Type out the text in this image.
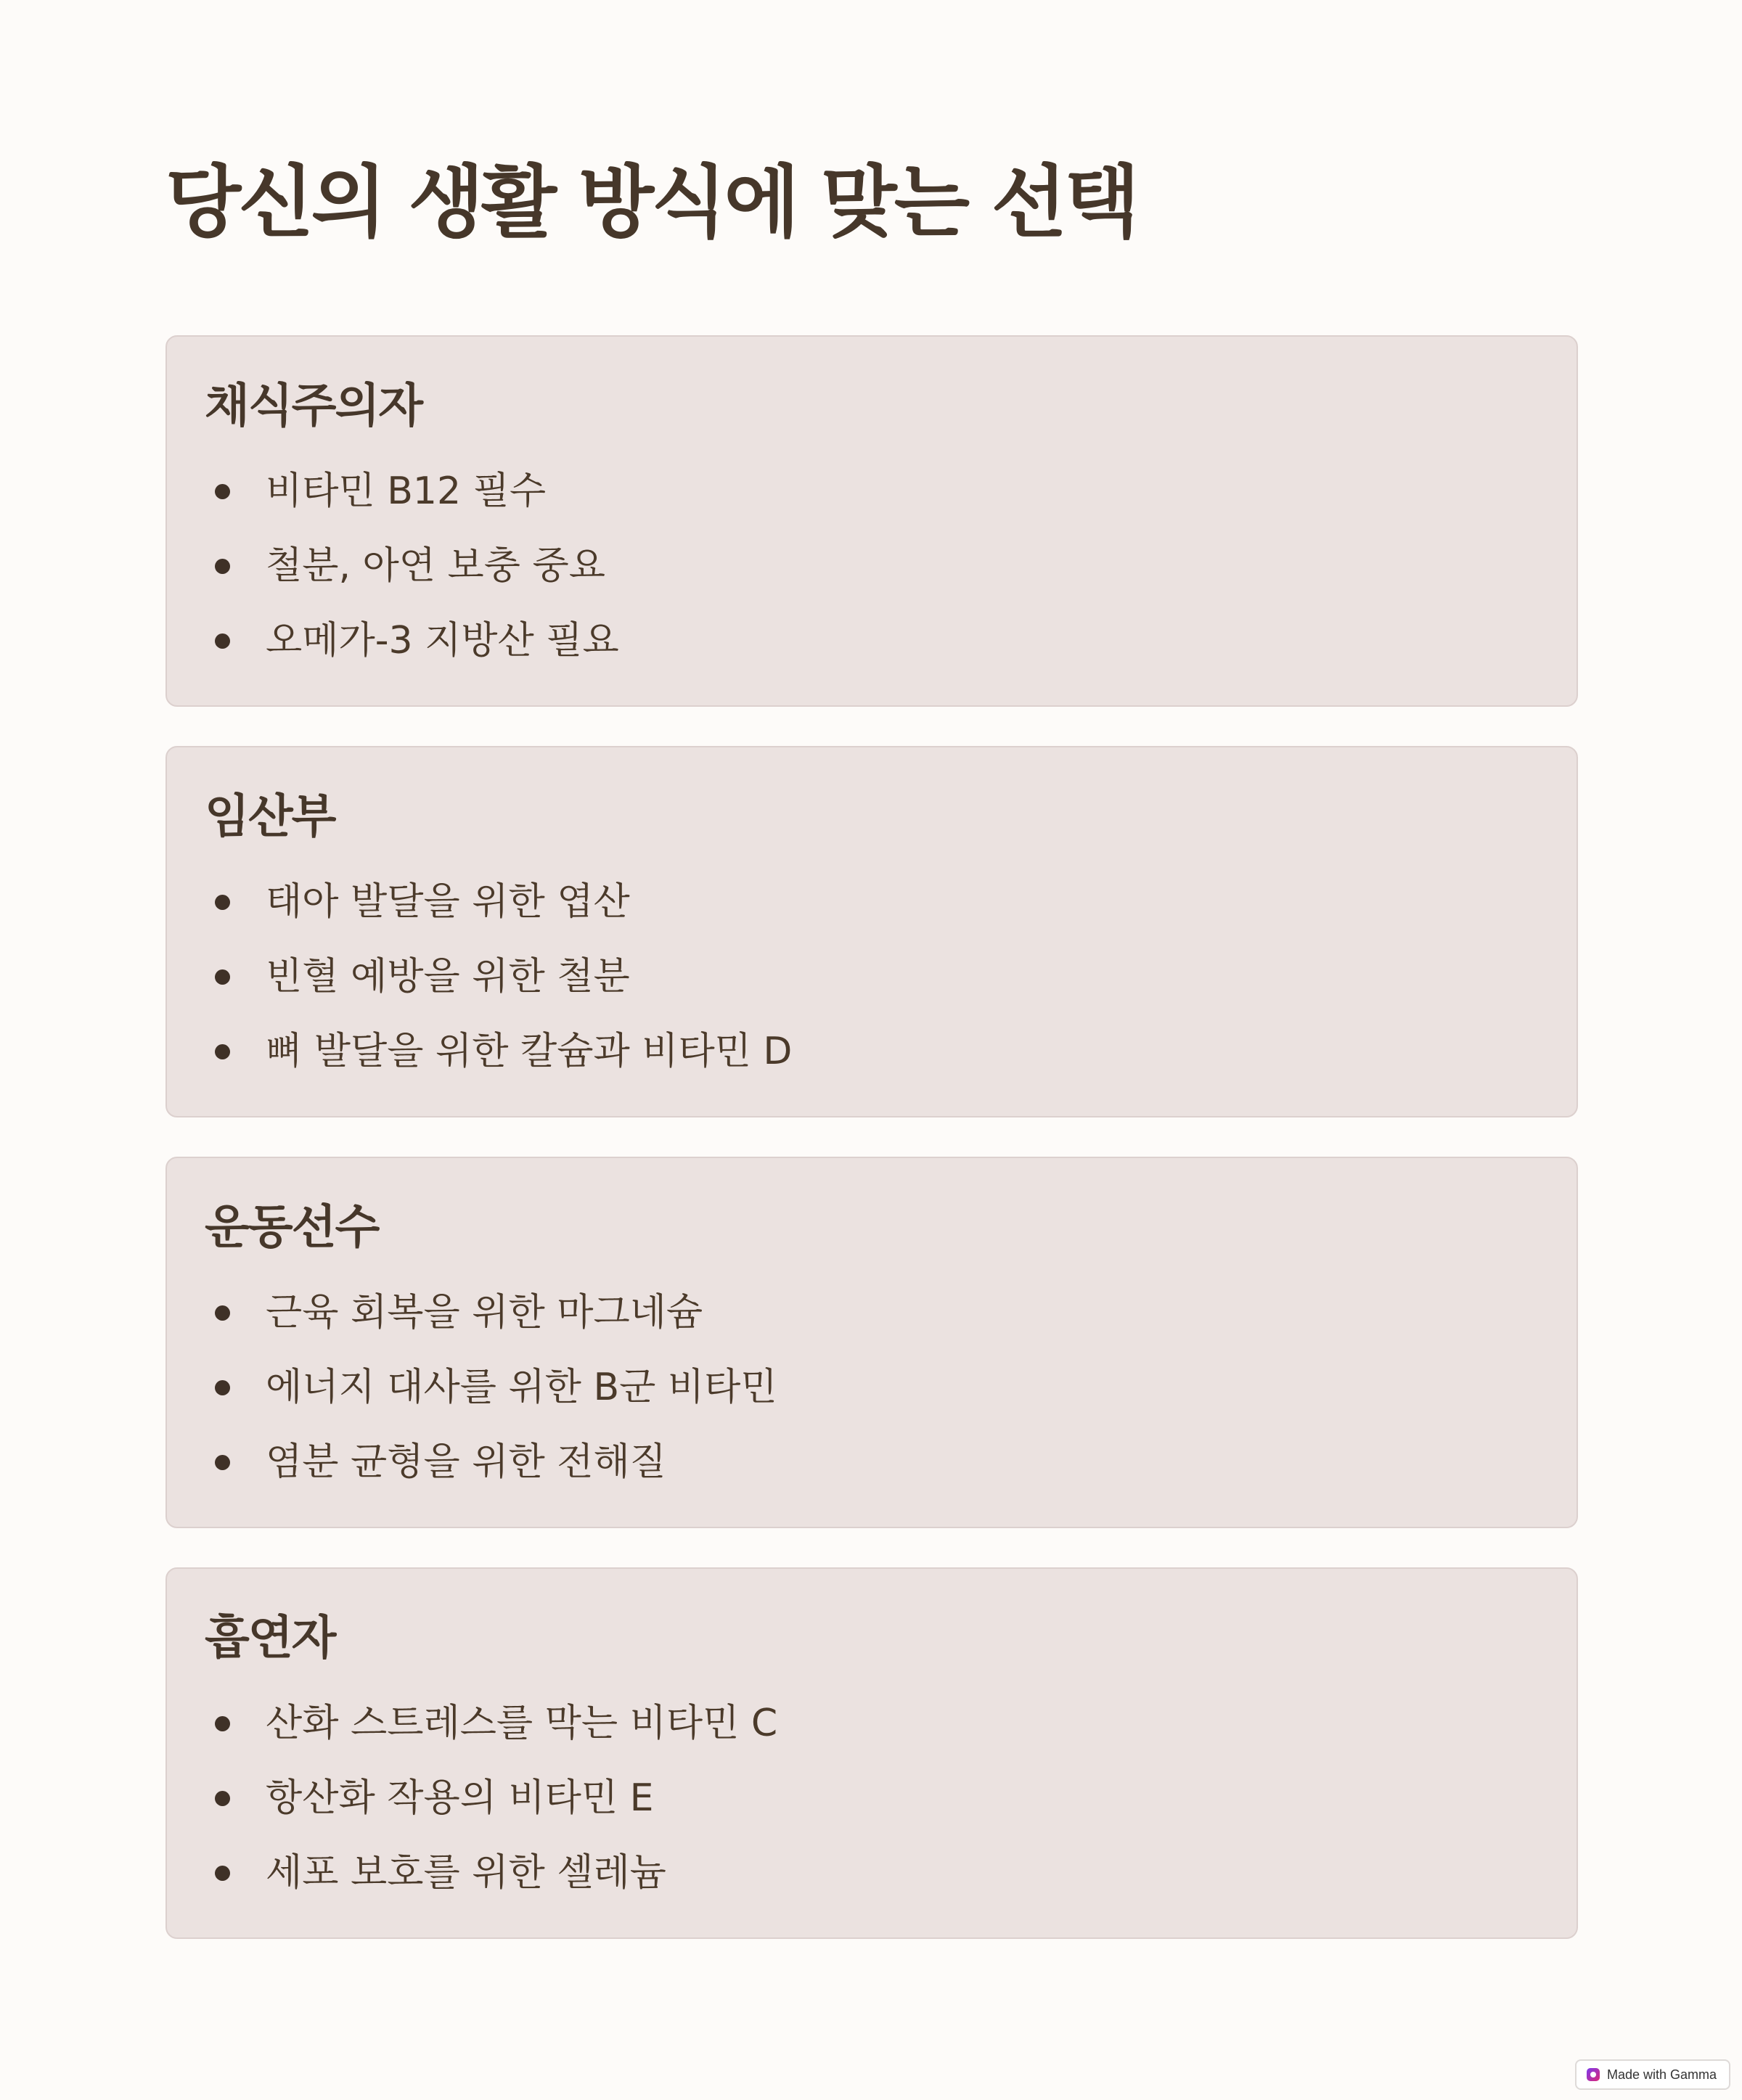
당신의 생활 방식에 맞는 선택
채식주의자
비타민 B12 필수
철분, 아연 보충 중요
오메가-3 지방산 필요
임산부
태아 발달을 위한 엽산
빈혈 예방을 위한 철분
뼈 발달을 위한 칼슘과 비타민 D
운동선수
근육 회복을 위한 마그네슘
에너지 대사를 위한 B군 비타민
염분 균형을 위한 전해질
흡연자
산화 스트레스를 막는 비타민 C
항산화 작용의 비타민 E
세포 보호를 위한 셀레늄
Made with Gamma
